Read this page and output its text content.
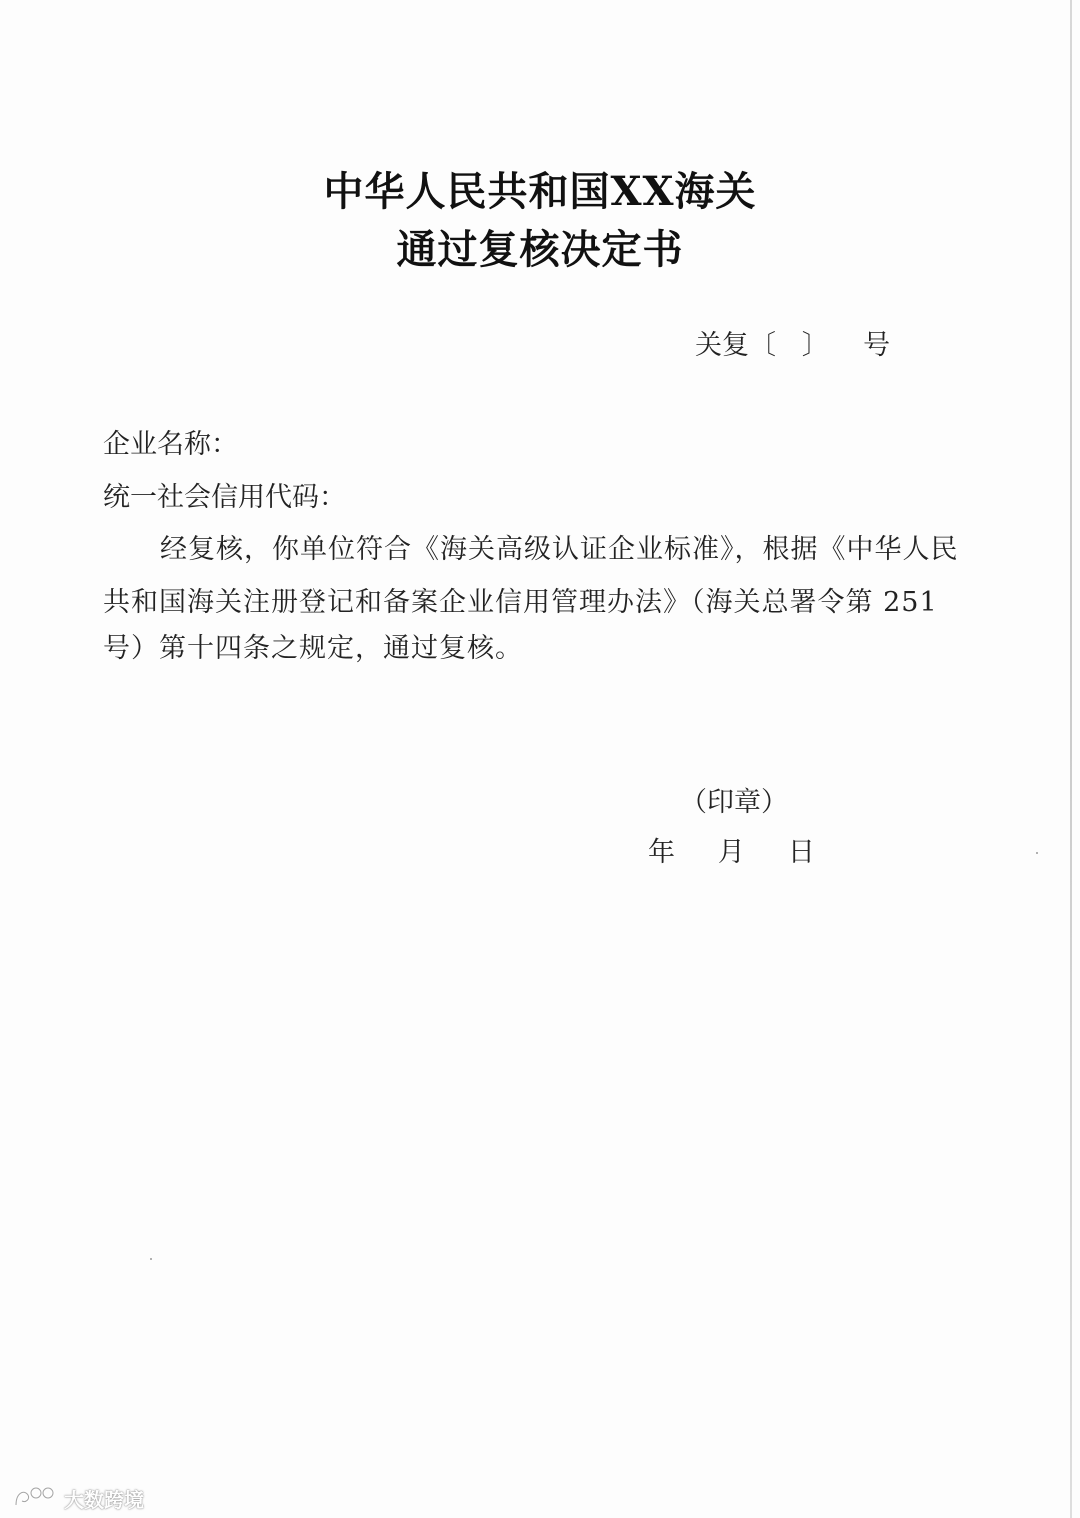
中华人民共和国XX海关
通过复核决定书
关复〔   〕    号
企业名称：
统一社会信用代码：
经复核，你单位符合《海关高级认证企业标准》，根据《中华人民
共和国海关注册登记和备案企业信用管理办法》（海关总署令第 251
号）第十四条之规定，通过复核。
（印章）
年     月     日
大数跨境
